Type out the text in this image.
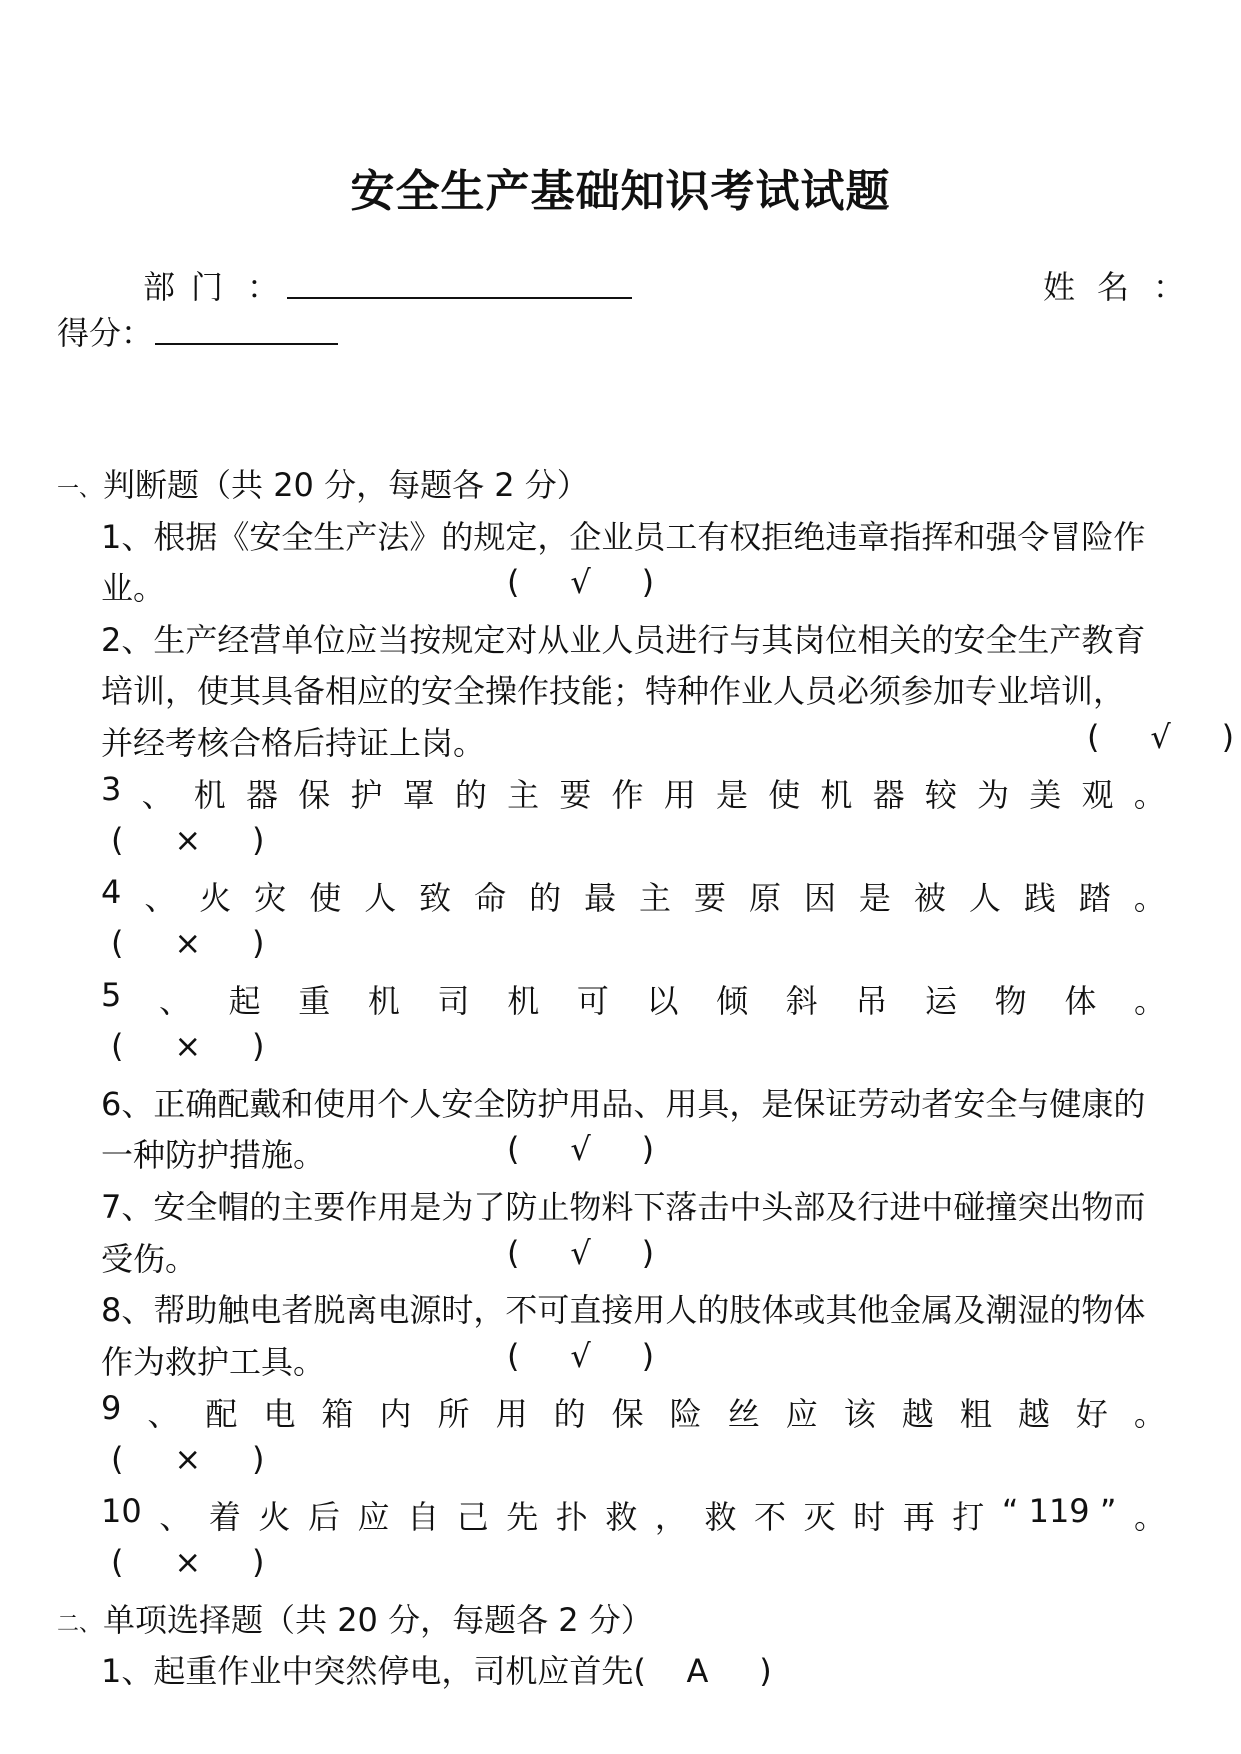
安全生产基础知识考试试题
部 门 ：	姓 名 ：
得分：
一、判断题（共 20 分，每题各 2 分）
1、根据《安全生产法》的规定，企业员工有权拒绝违章指挥和强令冒险作
业。	(     √     )
2、生产经营单位应当按规定对从业人员进行与其岗位相关的安全生产教育
培训，使其具备相应的安全操作技能；特种作业人员必须参加专业培训，
并经考核合格后持证上岗。	(     √     )
3 、 机 器 保 护 罩 的 主 要 作 用 是 使 机 器 较 为 美 观 。
(     ×     )
4 、 火 灾 使 人 致 命 的 最 主 要 原 因 是 被 人 践 踏 。
(     ×     )
5 、 起 重 机 司 机 可 以 倾 斜 吊 运 物 体 。
(     ×     )
6、正确配戴和使用个人安全防护用品、用具，是保证劳动者安全与健康的
一种防护措施。	(     √     )
7、安全帽的主要作用是为了防止物料下落击中头部及行进中碰撞突出物而
受伤。	(     √     )
8、帮助触电者脱离电源时，不可直接用人的肢体或其他金属及潮湿的物体
作为救护工具。	(     √     )
9 、 配 电 箱 内 所 用 的 保 险 丝 应 该 越 粗 越 好 。
(     ×     )
10 、 着 火 后 应 自 己 先 扑 救 ， 救 不 灭 时 再 打 “ 119 ” 。
(     ×     )
二、单项选择题（共 20 分，每题各 2 分）
1、起重作业中突然停电，司机应首先(    A     )
